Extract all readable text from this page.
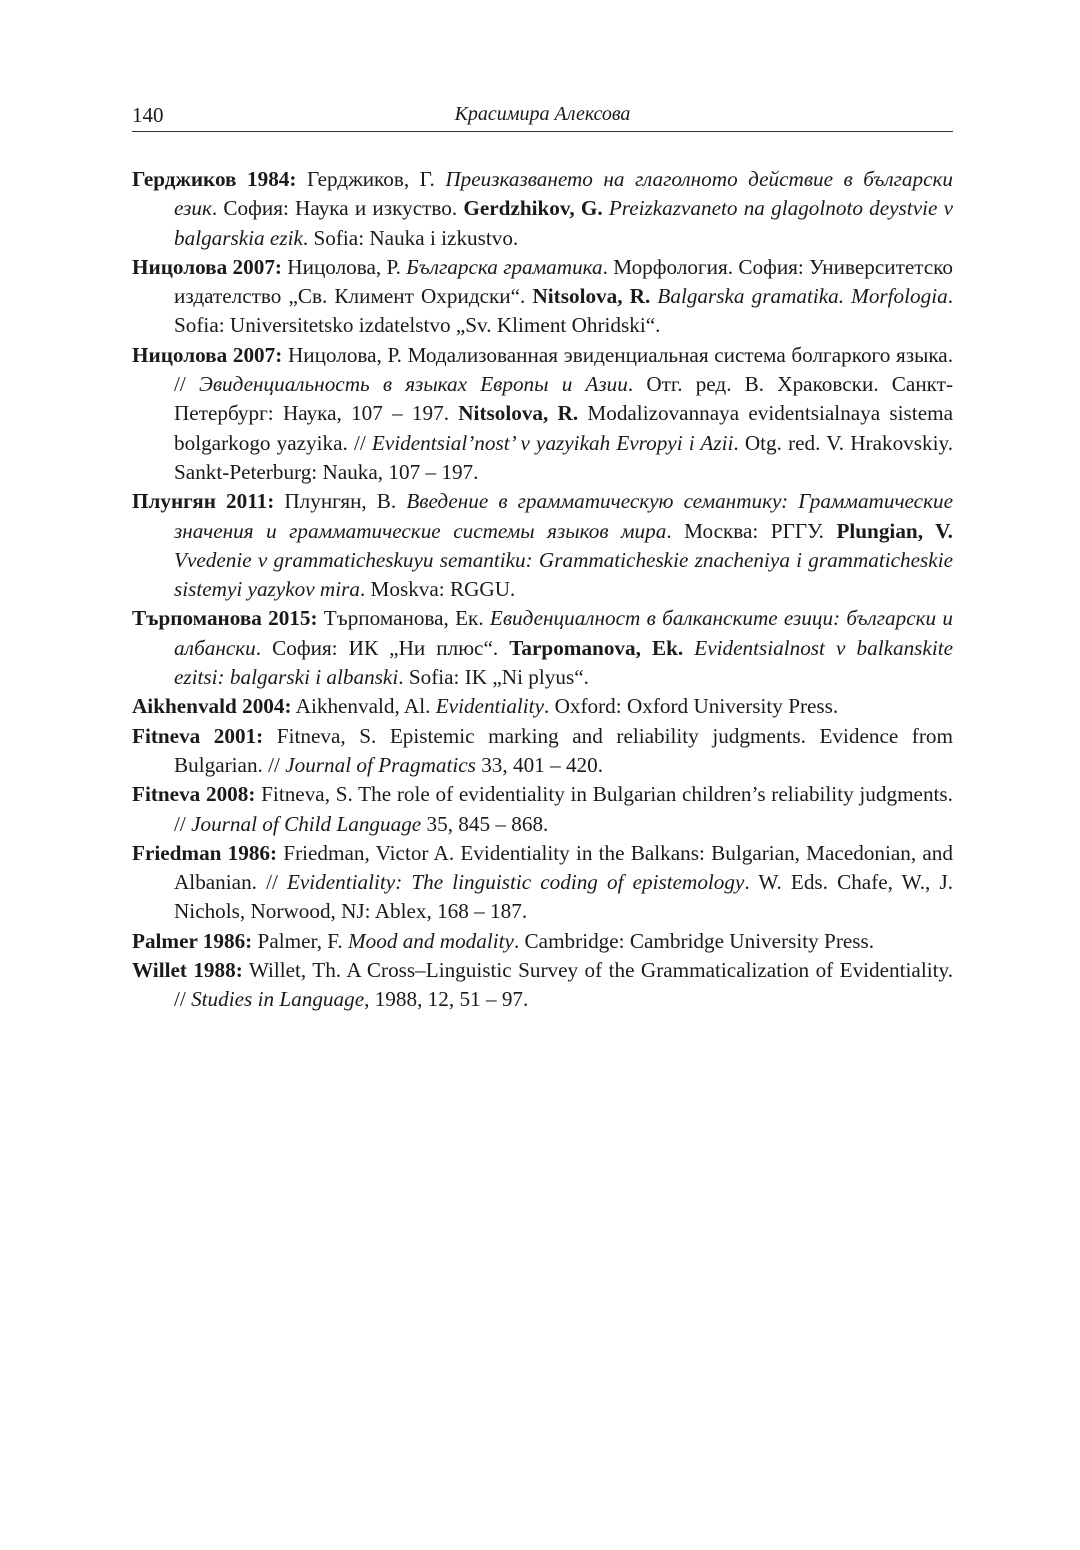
140	Красимира Алексова

Герджиков 1984: Герджиков, Г. Преизказването на глаголното действие в български език. София: Наука и изкуство. Gerdzhikov, G. Preizkazvaneto na glagolnoto deystvie v balgarskia ezik. Sofia: Nauka i izkustvo.

Ницолова 2007: Ницолова, Р. Българска граматика. Морфология. София: Университетско издателство „Св. Климент Охридски“. Nitsolova, R. Balgarska gramatika. Morfologia. Sofia: Universitetsko izdatelstvo „Sv. Kliment Ohridski“.

Ницолова 2007: Ницолова, Р. Модализованная эвиденциальная система болгаркого языка. // Эвиденциальность в языках Европы и Азии. Отг. ред. В. Храковски. Санкт-Петербург: Наука, 107 – 197. Nitsolova, R. Modalizovannaya evidentsialnaya sistema bolgarkogo yazyika. // Evidentsial’nost’ v yazyikah Evropyi i Azii. Otg. red. V. Hrakovskiy. Sankt-Peterburg: Nauka, 107 – 197.

Плунгян 2011: Плунгян, В. Введение в грамматическую семантику: Грамматические значения и грамматические системы языков мира. Москва: РГГУ. Plungian, V. Vvedenie v grammaticheskuyu semantiku: Grammaticheskie znacheniya i grammaticheskie sistemyi yazykov mira. Moskva: RGGU.

Търпоманова 2015: Търпоманова, Ек. Евиденциалност в балканските езици: български и албански. София: ИК „Ни плюс“. Tarpomanova, Ek. Evidentsialnost v balkanskite ezitsi: balgarski i albanski. Sofia: IK „Ni plyus“.

Aikhenvald 2004: Aikhenvald, Al. Evidentiality. Oxford: Oxford University Press.

Fitneva 2001: Fitneva, S. Epistemic marking and reliability judgments. Evidence from Bulgarian. // Journal of Pragmatics 33, 401 – 420.

Fitneva 2008: Fitneva, S. The role of evidentiality in Bulgarian children’s reliability judgments. // Journal of Child Language 35, 845 – 868.

Friedman 1986: Friedman, Victor A. Evidentiality in the Balkans: Bulgarian, Macedonian, and Albanian. // Evidentiality: The linguistic coding of epistemology. W. Eds. Chafe, W., J. Nichols, Norwood, NJ: Ablex, 168 – 187.

Palmer 1986: Palmer, F. Mood and modality. Cambridge: Cambridge University Press.

Willet 1988: Willet, Th. A Cross–Linguistic Survey of the Grammaticalization of Evidentiality. // Studies in Language, 1988, 12, 51 – 97.
